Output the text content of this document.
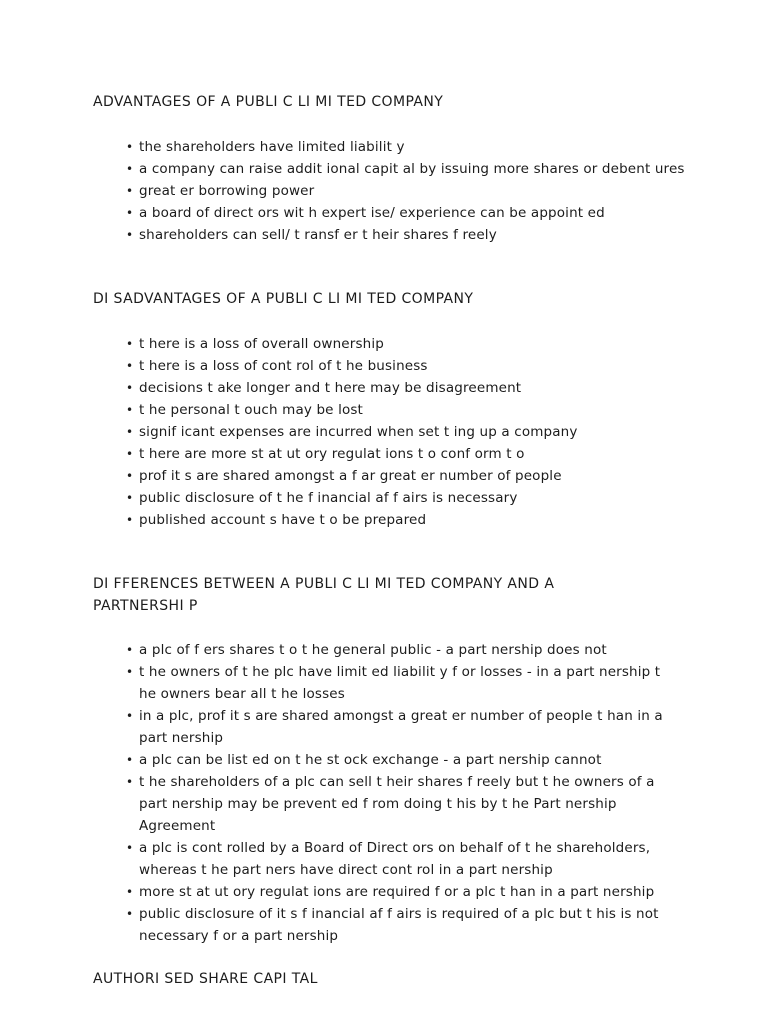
ADVANTAGES OF A PUBLI C LI MI TED COMPANY
• the shareholders have limited liabilit y
• a company can raise addit ional capit al by issuing more shares or debent ures
• great er borrowing power
• a board of direct ors wit h expert ise/ experience can be appoint ed
• shareholders can sell/ t ransf er t heir shares f reely
DI SADVANTAGES OF A PUBLI C LI MI TED COMPANY
• t here is a loss of overall ownership
• t here is a loss of cont rol of t he business
• decisions t ake longer and t here may be disagreement
• t he personal t ouch may be lost
• signif icant expenses are incurred when set t ing up a company
• t here are more st at ut ory regulat ions t o conf orm t o
• prof it s are shared amongst a f ar great er number of people
• public disclosure of t he f inancial af f airs is necessary
• published account s have t o be prepared
DI FFERENCES BETWEEN A PUBLI C LI MI TED COMPANY AND A PARTNERSHI P
• a plc of f ers shares t o t he general public - a part nership does not
• t he owners of t he plc have limit ed liabilit y f or losses - in a part nership t he owners bear all t he losses
• in a plc, prof it s are shared amongst a great er number of people t han in a part nership
• a plc can be list ed on t he st ock exchange - a part nership cannot
• t he shareholders of a plc can sell t heir shares f reely but t he owners of a part nership may be prevent ed f rom doing t his by t he Part nership Agreement
• a plc is cont rolled by a Board of Direct ors on behalf of t he shareholders, whereas t he part ners have direct cont rol in a part nership
• more st at ut ory regulat ions are required f or a plc t han in a part nership
• public disclosure of it s f inancial af f airs is required of a plc but t his is not necessary f or a part nership
AUTHORI SED SHARE CAPI TAL
